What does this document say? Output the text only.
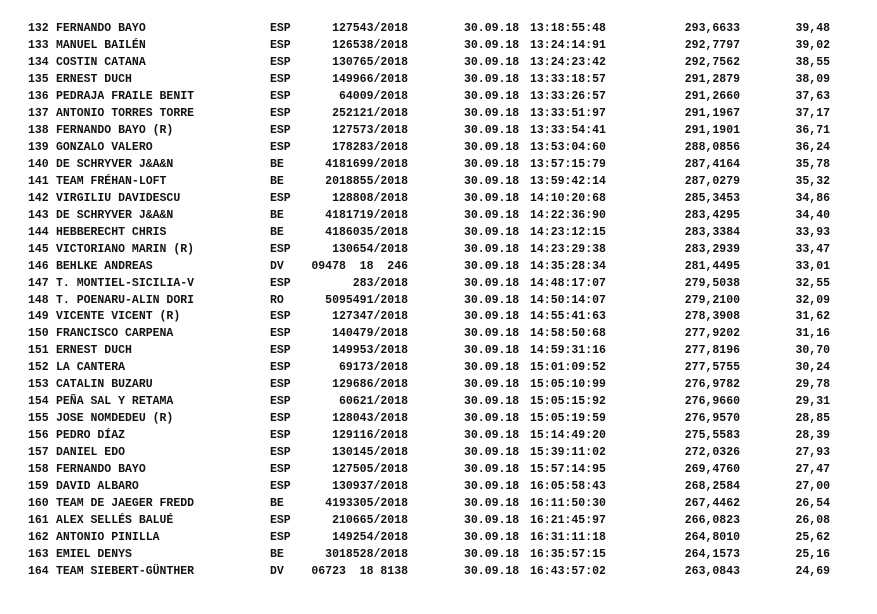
132 FERNANDO BAYO	ESP	127543/2018	30.09.18 13:18:55:48	293,6633	39,48
133 MANUEL BAILÉN	ESP	126538/2018	30.09.18 13:24:14:91	292,7797	39,02
134 COSTIN CATANA	ESP	130765/2018	30.09.18 13:24:23:42	292,7562	38,55
135 ERNEST DUCH	ESP	149966/2018	30.09.18 13:33:18:57	291,2879	38,09
136 PEDRAJA FRAILE BENIT	ESP	64009/2018	30.09.18 13:33:26:57	291,2660	37,63
137 ANTONIO TORRES TORRE	ESP	252121/2018	30.09.18 13:33:51:97	291,1967	37,17
138 FERNANDO BAYO (R)	ESP	127573/2018	30.09.18 13:33:54:41	291,1901	36,71
139 GONZALO VALERO	ESP	178283/2018	30.09.18 13:53:04:60	288,0856	36,24
140 DE SCHRYVER J&A&N	BE	4181699/2018	30.09.18 13:57:15:79	287,4164	35,78
141 TEAM FRÉHAN-LOFT	BE	2018855/2018	30.09.18 13:59:42:14	287,0279	35,32
142 VIRGILIU DAVIDESCU	ESP	128808/2018	30.09.18 14:10:20:68	285,3453	34,86
143 DE SCHRYVER J&A&N	BE	4181719/2018	30.09.18 14:22:36:90	283,4295	34,40
144 HEBBERECHT CHRIS	BE	4186035/2018	30.09.18 14:23:12:15	283,3384	33,93
145 VICTORIANO MARIN (R)	ESP	130654/2018	30.09.18 14:23:29:38	283,2939	33,47
146 BEHLKE ANDREAS	DV	09478  18  246	30.09.18 14:35:28:34	281,4495	33,01
147 T. MONTIEL-SICILIA-V	ESP	283/2018	30.09.18 14:48:17:07	279,5038	32,55
148 T. POENARU-ALIN DORI	RO	5095491/2018	30.09.18 14:50:14:07	279,2100	32,09
149 VICENTE VICENT (R)	ESP	127347/2018	30.09.18 14:55:41:63	278,3908	31,62
150 FRANCISCO CARPENA	ESP	140479/2018	30.09.18 14:58:50:68	277,9202	31,16
151 ERNEST DUCH	ESP	149953/2018	30.09.18 14:59:31:16	277,8196	30,70
152 LA CANTERA	ESP	69173/2018	30.09.18 15:01:09:52	277,5755	30,24
153 CATALIN BUZARU	ESP	129686/2018	30.09.18 15:05:10:99	276,9782	29,78
154 PEÑA SAL Y RETAMA	ESP	60621/2018	30.09.18 15:05:15:92	276,9660	29,31
155 JOSE NOMDEDEU (R)	ESP	128043/2018	30.09.18 15:05:19:59	276,9570	28,85
156 PEDRO DÍAZ	ESP	129116/2018	30.09.18 15:14:49:20	275,5583	28,39
157 DANIEL EDO	ESP	130145/2018	30.09.18 15:39:11:02	272,0326	27,93
158 FERNANDO BAYO	ESP	127505/2018	30.09.18 15:57:14:95	269,4760	27,47
159 DAVID ALBARO	ESP	130937/2018	30.09.18 16:05:58:43	268,2584	27,00
160 TEAM DE JAEGER FREDD	BE	4193305/2018	30.09.18 16:11:50:30	267,4462	26,54
161 ALEX SELLÉS BALUÉ	ESP	210665/2018	30.09.18 16:21:45:97	266,0823	26,08
162 ANTONIO PINILLA	ESP	149254/2018	30.09.18 16:31:11:18	264,8010	25,62
163 EMIEL DENYS	BE	3018528/2018	30.09.18 16:35:57:15	264,1573	25,16
164 TEAM SIEBERT-GÜNTHER	DV	06723  18 8138	30.09.18 16:43:57:02	263,0843	24,69
